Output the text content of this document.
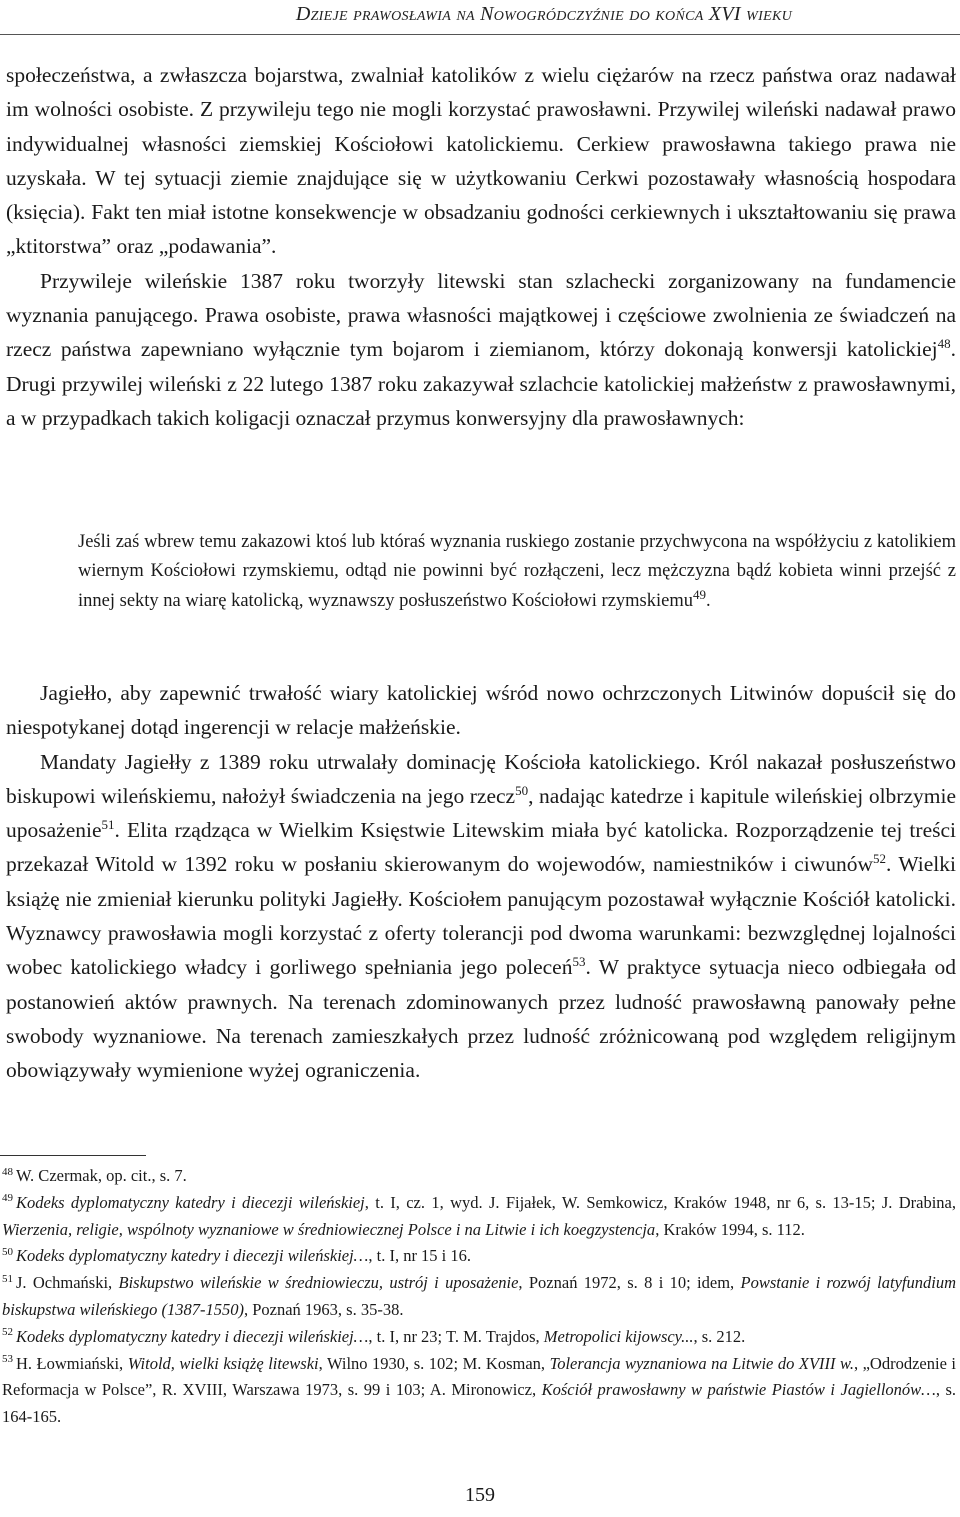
Dzieje prawosławia na Nowogródczyźnie do końca XVI wieku

społeczeństwa, a zwłaszcza bojarstwa, zwalniał katolików z wielu ciężarów na rzecz państwa oraz nadawał im wolności osobiste. Z przywileju tego nie mogli korzystać prawosławni. Przywilej wileński nadawał prawo indywidualnej własności ziemskiej Kościołowi katolickiemu. Cerkiew prawosławna takiego prawa nie uzyskała. W tej sytuacji ziemie znajdujące się w użytkowaniu Cerkwi pozostawały własnością hospodara (księcia). Fakt ten miał istotne konsekwencje w obsadzaniu godności cerkiewnych i ukształtowaniu się prawa „ktitorstwa” oraz „podawania”.

Przywileje wileńskie 1387 roku tworzyły litewski stan szlachecki zorganizowany na fundamencie wyznania panującego. Prawa osobiste, prawa własności majątkowej i częściowe zwolnienia ze świadczeń na rzecz państwa zapewniano wyłącznie tym bojarom i ziemianom, którzy dokonają konwersji katolickiej$^{48}$. Drugi przywilej wileński z 22 lutego 1387 roku zakazywał szlachcie katolickiej małżeństw z prawosławnymi, a w przypadkach takich koligacji oznaczał przymus konwersyjny dla prawosławnych:

Jeśli zaś wbrew temu zakazowi ktoś lub któraś wyznania ruskiego zostanie przychwycona na współżyciu z katolikiem wiernym Kościołowi rzymskiemu, odtąd nie powinni być rozłączeni, lecz mężczyzna bądź kobieta winni przejść z innej sekty na wiarę katolicką, wyznawszy posłuszeństwo Kościołowi rzymskiemu$^{49}$.

Jagiełło, aby zapewnić trwałość wiary katolickiej wśród nowo ochrzczonych Litwinów dopuścił się do niespotykanej dotąd ingerencji w relacje małżeńskie.

Mandaty Jagiełły z 1389 roku utrwalały dominację Kościoła katolickiego. Król nakazał posłuszeństwo biskupowi wileńskiemu, nałożył świadczenia na jego rzecz$^{50}$, nadając katedrze i kapitule wileńskiej olbrzymie uposażenie$^{51}$. Elita rządząca w Wielkim Księstwie Litewskim miała być katolicka. Rozporządzenie tej treści przekazał Witold w 1392 roku w posłaniu skierowanym do wojewodów, namiestników i ciwunów$^{52}$. Wielki książę nie zmieniał kierunku polityki Jagiełły. Kościołem panującym pozostawał wyłącznie Kościół katolicki. Wyznawcy prawosławia mogli korzystać z oferty tolerancji pod dwoma warunkami: bezwzględnej lojalności wobec katolickiego władcy i gorliwego spełniania jego poleceń$^{53}$. W praktyce sytuacja nieco odbiegała od postanowień aktów prawnych. Na terenach zdominowanych przez ludność prawosławną panowały pełne swobody wyznaniowe. Na terenach zamieszkałych przez ludność zróżnicowaną pod względem religijnym obowiązywały wymienione wyżej ograniczenia.

$^{48}$ W. Czermak, op. cit., s. 7.

$^{49}$ Kodeks dyplomatyczny katedry i diecezji wileńskiej, t. I, cz. 1, wyd. J. Fijałek, W. Semkowicz, Kraków 1948, nr 6, s. 13-15; J. Drabina, Wierzenia, religie, wspólnoty wyznaniowe w średniowiecznej Polsce i na Litwie i ich koegzystencja, Kraków 1994, s. 112.

$^{50}$ Kodeks dyplomatyczny katedry i diecezji wileńskiej…, t. I, nr 15 i 16.

$^{51}$ J. Ochmański, Biskupstwo wileńskie w średniowieczu, ustrój i uposażenie, Poznań 1972, s. 8 i 10; idem, Powstanie i rozwój latyfundium biskupstwa wileńskiego (1387-1550), Poznań 1963, s. 35-38.

$^{52}$ Kodeks dyplomatyczny katedry i diecezji wileńskiej…, t. I, nr 23; T. M. Trajdos, Metropolici kijowscy..., s. 212.

$^{53}$ H. Łowmiański, Witold, wielki książę litewski, Wilno 1930, s. 102; M. Kosman, Tolerancja wyznaniowa na Litwie do XVIII w., „Odrodzenie i Reformacja w Polsce”, R. XVIII, Warszawa 1973, s. 99 i 103; A. Mironowicz, Kościół prawosławny w państwie Piastów i Jagiellonów…, s. 164-165.

159
